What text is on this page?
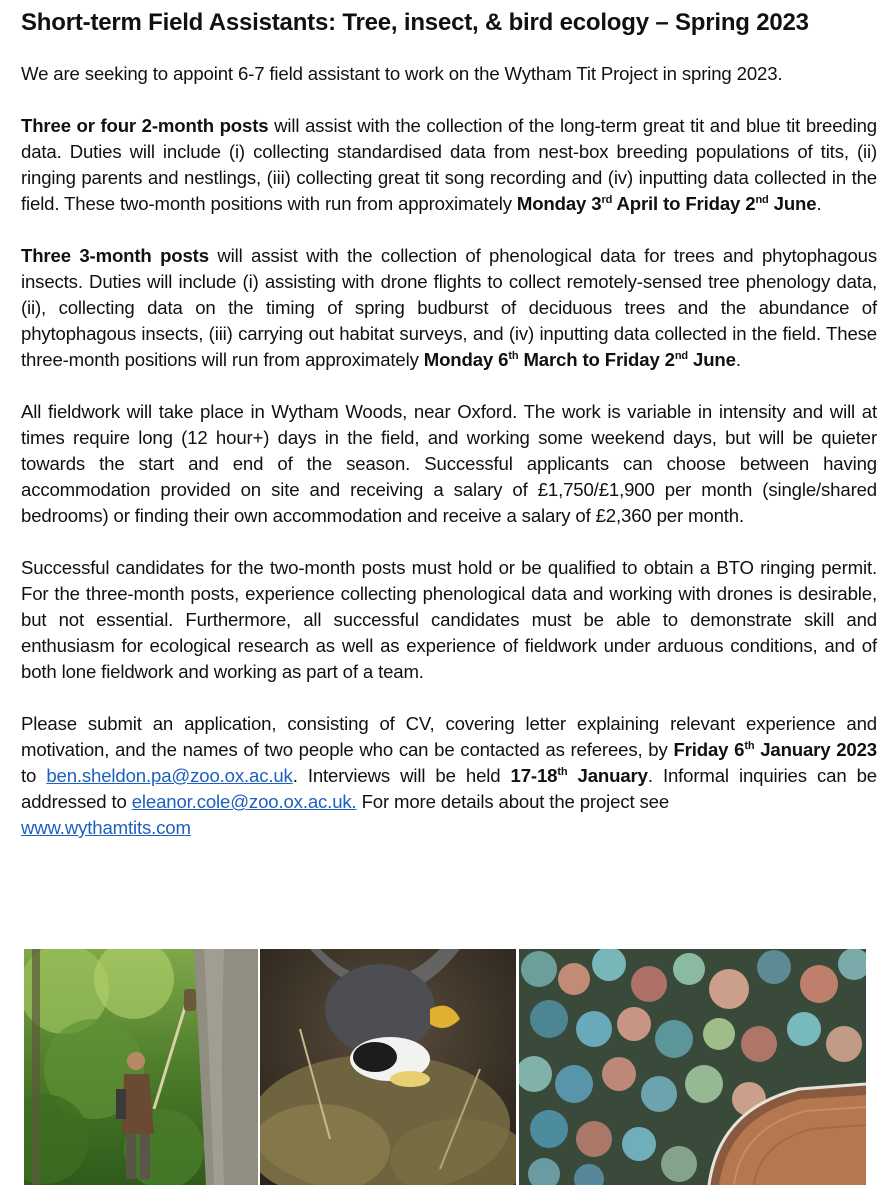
Short-term Field Assistants: Tree, insect, & bird ecology – Spring 2023

We are seeking to appoint 6-7 field assistant to work on the Wytham Tit Project in spring 2023.

Three or four 2-month posts will assist with the collection of the long-term great tit and blue tit breeding data. Duties will include (i) collecting standardised data from nest-box breeding populations of tits, (ii) ringing parents and nestlings, (iii) collecting great tit song recording and (iv) inputting data collected in the field. These two-month positions with run from approximately Monday 3rd April to Friday 2nd June.

Three 3-month posts will assist with the collection of phenological data for trees and phytophagous insects. Duties will include (i) assisting with drone flights to collect remotely-sensed tree phenology data, (ii), collecting data on the timing of spring budburst of deciduous trees and the abundance of phytophagous insects, (iii) carrying out habitat surveys, and (iv) inputting data collected in the field. These three-month positions will run from approximately Monday 6th March to Friday 2nd June.

All fieldwork will take place in Wytham Woods, near Oxford. The work is variable in intensity and will at times require long (12 hour+) days in the field, and working some weekend days, but will be quieter towards the start and end of the season. Successful applicants can choose between having accommodation provided on site and receiving a salary of £1,750/£1,900 per month (single/shared bedrooms) or finding their own accommodation and receive a salary of £2,360 per month.

Successful candidates for the two-month posts must hold or be qualified to obtain a BTO ringing permit. For the three-month posts, experience collecting phenological data and working with drones is desirable, but not essential. Furthermore, all successful candidates must be able to demonstrate skill and enthusiasm for ecological research as well as experience of fieldwork under arduous conditions, and of both lone fieldwork and working as part of a team.

Please submit an application, consisting of CV, covering letter explaining relevant experience and motivation, and the names of two people who can be contacted as referees, by Friday 6th January 2023 to ben.sheldon.pa@zoo.ox.ac.uk. Interviews will be held 17-18th January. Informal inquiries can be addressed to eleanor.cole@zoo.ox.ac.uk. For more details about the project see
www.wythamtits.com
